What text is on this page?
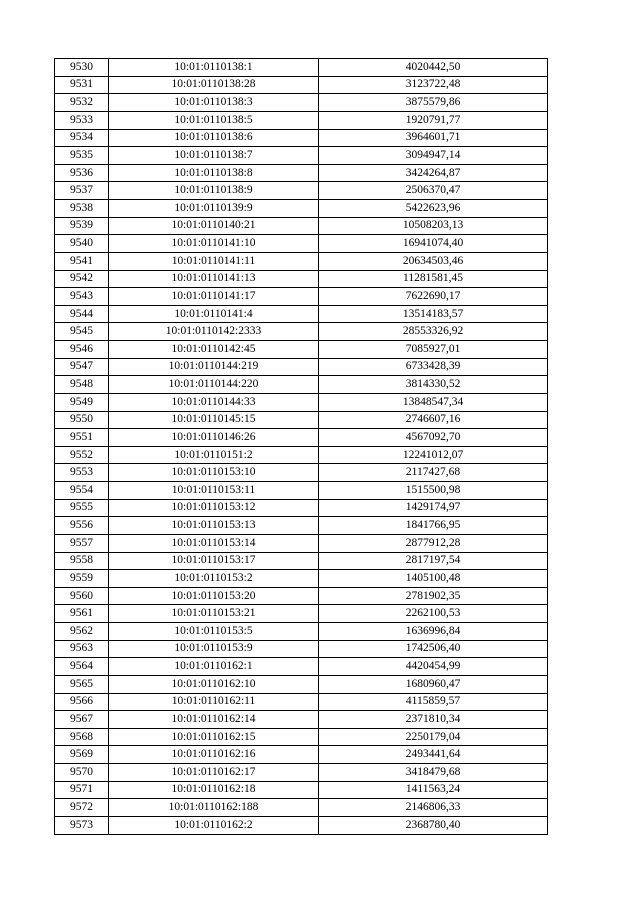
9530	10:01:0110138:1	4020442,50
9531	10:01:0110138:28	3123722,48
9532	10:01:0110138:3	3875579,86
9533	10:01:0110138:5	1920791,77
9534	10:01:0110138:6	3964601,71
9535	10:01:0110138:7	3094947,14
9536	10:01:0110138:8	3424264,87
9537	10:01:0110138:9	2506370,47
9538	10:01:0110139:9	5422623,96
9539	10:01:0110140:21	10508203,13
9540	10:01:0110141:10	16941074,40
9541	10:01:0110141:11	20634503,46
9542	10:01:0110141:13	11281581,45
9543	10:01:0110141:17	7622690,17
9544	10:01:0110141:4	13514183,57
9545	10:01:0110142:2333	28553326,92
9546	10:01:0110142:45	7085927,01
9547	10:01:0110144:219	6733428,39
9548	10:01:0110144:220	3814330,52
9549	10:01:0110144:33	13848547,34
9550	10:01:0110145:15	2746607,16
9551	10:01:0110146:26	4567092,70
9552	10:01:0110151:2	12241012,07
9553	10:01:0110153:10	2117427,68
9554	10:01:0110153:11	1515500,98
9555	10:01:0110153:12	1429174,97
9556	10:01:0110153:13	1841766,95
9557	10:01:0110153:14	2877912,28
9558	10:01:0110153:17	2817197,54
9559	10:01:0110153:2	1405100,48
9560	10:01:0110153:20	2781902,35
9561	10:01:0110153:21	2262100,53
9562	10:01:0110153:5	1636996,84
9563	10:01:0110153:9	1742506,40
9564	10:01:0110162:1	4420454,99
9565	10:01:0110162:10	1680960,47
9566	10:01:0110162:11	4115859,57
9567	10:01:0110162:14	2371810,34
9568	10:01:0110162:15	2250179,04
9569	10:01:0110162:16	2493441,64
9570	10:01:0110162:17	3418479,68
9571	10:01:0110162:18	1411563,24
9572	10:01:0110162:188	2146806,33
9573	10:01:0110162:2	2368780,40
